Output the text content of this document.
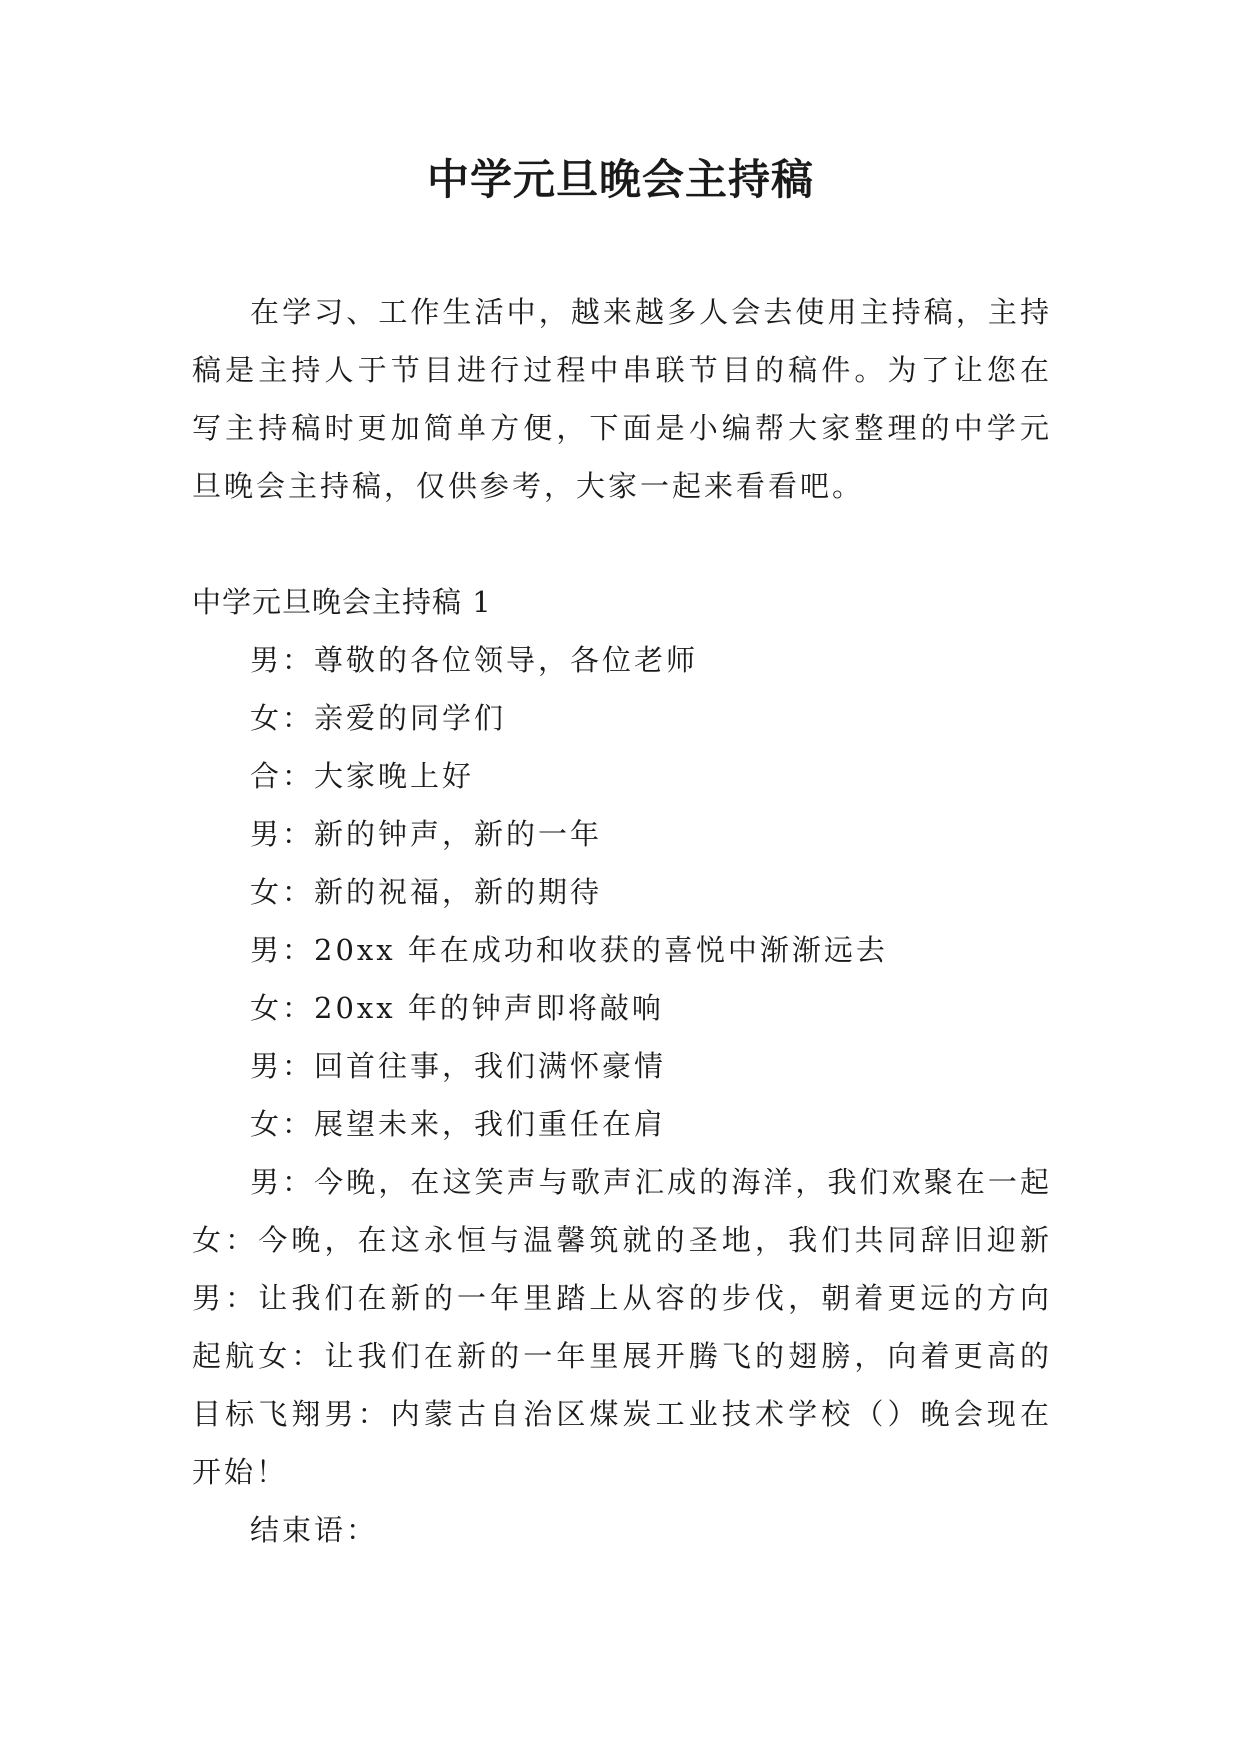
中学元旦晚会主持稿

在学习、工作生活中，越来越多人会去使用主持稿，主持稿是主持人于节目进行过程中串联节目的稿件。为了让您在写主持稿时更加简单方便，下面是小编帮大家整理的中学元旦晚会主持稿，仅供参考，大家一起来看看吧。

中学元旦晚会主持稿 1

男：尊敬的各位领导，各位老师

女：亲爱的同学们

合：大家晚上好

男：新的钟声，新的一年

女：新的祝福，新的期待

男：20xx 年在成功和收获的喜悦中渐渐远去

女：20xx 年的钟声即将敲响

男：回首往事，我们满怀豪情

女：展望未来，我们重任在肩

男：今晚，在这笑声与歌声汇成的海洋，我们欢聚在一起女：今晚，在这永恒与温馨筑就的圣地，我们共同辞旧迎新男：让我们在新的一年里踏上从容的步伐，朝着更远的方向起航女：让我们在新的一年里展开腾飞的翅膀，向着更高的目标飞翔男：内蒙古自治区煤炭工业技术学校（）晚会现在开始！

结束语：
